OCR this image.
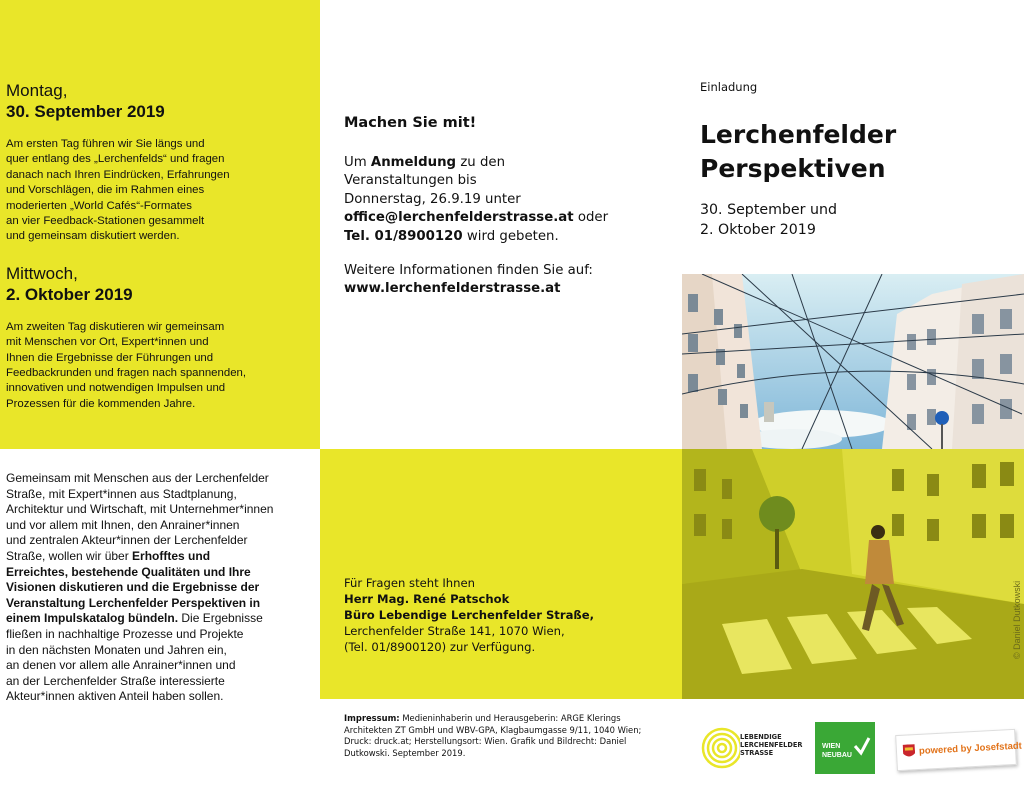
Montag,
30. September 2019
Am ersten Tag führen wir Sie längs und
quer entlang des „Lerchenfelds“ und fragen
danach nach Ihren Eindrücken, Erfahrungen
und Vorschlägen, die im Rahmen eines
moderierten „World Cafés“-Formates
an vier Feedback-Stationen gesammelt
und gemeinsam diskutiert werden.
Mittwoch,
2. Oktober 2019
Am zweiten Tag diskutieren wir gemeinsam
mit Menschen vor Ort, Expert*innen und
Ihnen die Ergebnisse der Führungen und
Feedbackrunden und fragen nach spannenden,
innovativen und notwendigen Impulsen und
Prozessen für die kommenden Jahre.
Gemeinsam mit Menschen aus der Lerchenfelder
Straße, mit Expert*innen aus Stadtplanung,
Architektur und Wirtschaft, mit Unternehmer*innen
und vor allem mit Ihnen, den Anrainer*innen
und zentralen Akteur*innen der Lerchenfelder
Straße, wollen wir über Erhofftes und
Erreichtes, bestehende Qualitäten und Ihre
Visionen diskutieren und die Ergebnisse der
Veranstaltung Lerchenfelder Perspektiven in
einem Impulskatalog bündeln. Die Ergebnisse
fließen in nachhaltige Prozesse und Projekte
in den nächsten Monaten und Jahren ein,
an denen vor allem alle Anrainer*innen und
an der Lerchenfelder Straße interessierte
Akteur*innen aktiven Anteil haben sollen.
Machen Sie mit!
Um Anmeldung zu den
Veranstaltungen bis
Donnerstag, 26.9.19 unter
office@lerchenfelderstrasse.at oder
Tel. 01/8900120 wird gebeten.
Weitere Informationen finden Sie auf:
www.lerchenfelderstrasse.at
Für Fragen steht Ihnen
Herr Mag. René Patschok
Büro Lebendige Lerchenfelder Straße,
Lerchenfelder Straße 141, 1070 Wien,
(Tel. 01/8900120) zur Verfügung.
Impressum: Medieninhaberin und Herausgeberin: ARGE Klerings Architekten ZT GmbH und WBV-GPA, Klagbaumgasse 9/11, 1040 Wien; Druck: druck.at; Herstellungsort: Wien. Grafik und Bildrecht: Daniel Dutkowski. September 2019.
Einladung
Lerchenfelder
Perspektiven
30. September und
2. Oktober 2019
© Daniel Dutkowski
LEBENDIGE
LERCHENFELDER
STRASSE
WIEN
NEUBAU	powered by Josefstadt
